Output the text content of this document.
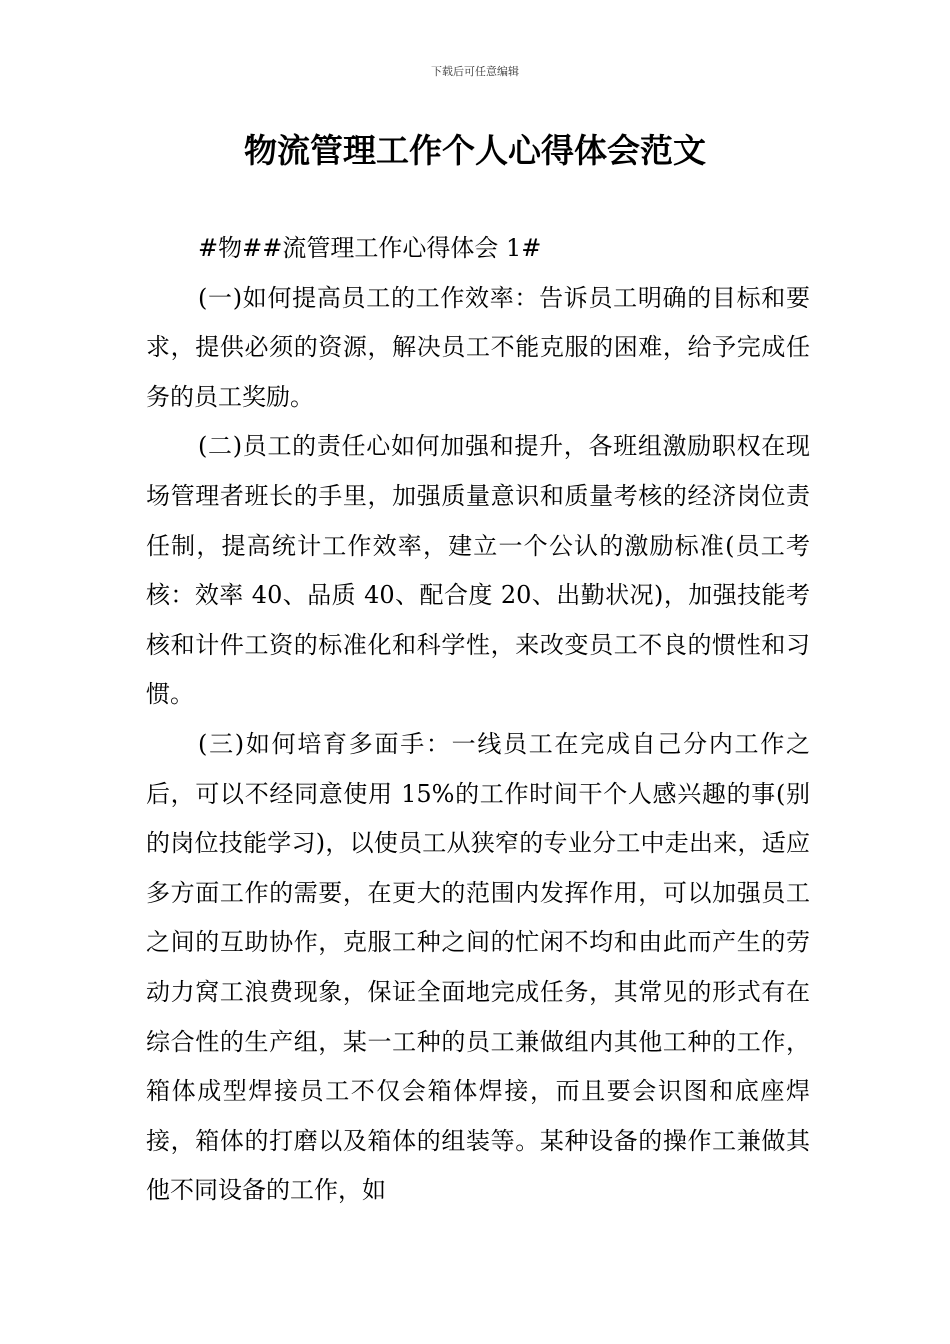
下载后可任意编辑
物流管理工作个人心得体会范文

#物##流管理工作心得体会 1#

(一)如何提高员工的工作效率：告诉员工明确的目标和要求，提供必须的资源，解决员工不能克服的困难，给予完成任务的员工奖励。

(二)员工的责任心如何加强和提升，各班组激励职权在现场管理者班长的手里，加强质量意识和质量考核的经济岗位责任制，提高统计工作效率，建立一个公认的激励标准(员工考核：效率 40、品质 40、配合度 20、出勤状况)，加强技能考核和计件工资的标准化和科学性，来改变员工不良的惯性和习惯。

(三)如何培育多面手：一线员工在完成自己分内工作之后，可以不经同意使用 15%的工作时间干个人感兴趣的事(别的岗位技能学习)，以使员工从狭窄的专业分工中走出来，适应多方面工作的需要，在更大的范围内发挥作用，可以加强员工之间的互助协作，克服工种之间的忙闲不均和由此而产生的劳动力窝工浪费现象，保证全面地完成任务，其常见的形式有在综合性的生产组，某一工种的员工兼做组内其他工种的工作，箱体成型焊接员工不仅会箱体焊接，而且要会识图和底座焊接，箱体的打磨以及箱体的组装等。某种设备的操作工兼做其他不同设备的工作，如
